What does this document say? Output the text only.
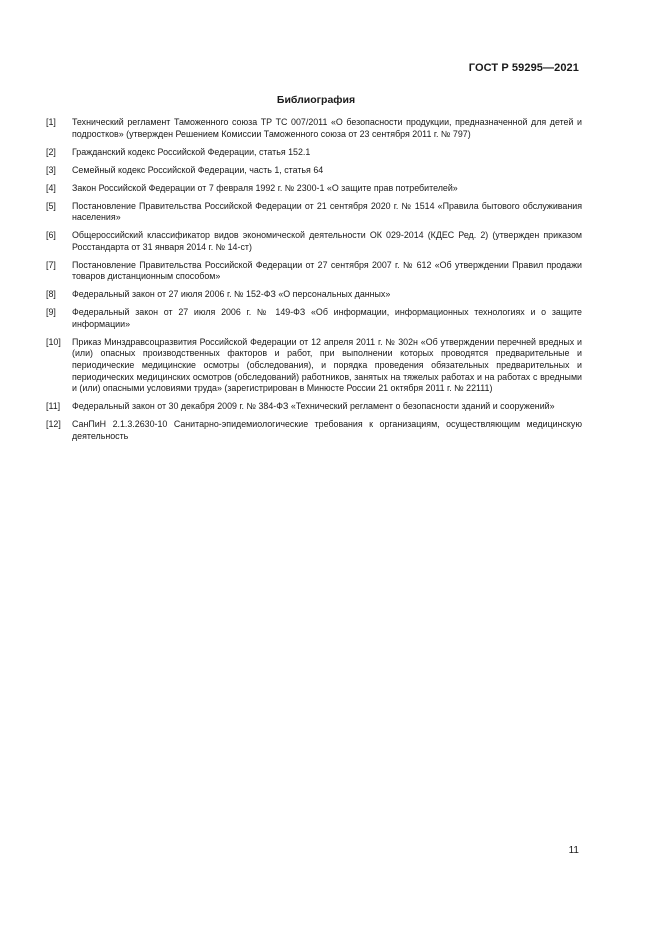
ГОСТ Р 59295—2021
Библиография
[1]	Технический регламент Таможенного союза ТР ТС 007/2011 «О безопасности продукции, предназначенной для детей и подростков» (утвержден Решением Комиссии Таможенного союза от 23 сентября 2011 г. № 797)
[2]	Гражданский кодекс Российской Федерации, статья 152.1
[3]	Семейный кодекс Российской Федерации, часть 1, статья 64
[4]	Закон Российской Федерации от 7 февраля 1992 г. № 2300-1 «О защите прав потребителей»
[5]	Постановление Правительства Российской Федерации от 21 сентября 2020 г. № 1514 «Правила бытового обслуживания населения»
[6]	Общероссийский классификатор видов экономической деятельности ОК 029-2014 (КДЕС Ред. 2) (утвержден приказом Росстандарта от 31 января 2014 г. № 14-ст)
[7]	Постановление Правительства Российской Федерации от 27 сентября 2007 г. № 612 «Об утверждении Правил продажи товаров дистанционным способом»
[8]	Федеральный закон от 27 июля 2006 г. № 152-ФЗ «О персональных данных»
[9]	Федеральный закон от 27 июля 2006 г. № 149-ФЗ «Об информации, информационных технологиях и о защите информации»
[10]	Приказ Минздравсоцразвития Российской Федерации от 12 апреля 2011 г. № 302н «Об утверждении перечней вредных и (или) опасных производственных факторов и работ, при выполнении которых проводятся предварительные и периодические медицинские осмотры (обследования), и порядка проведения обязательных предварительных и периодических медицинских осмотров (обследований) работников, занятых на тяжелых работах и на работах с вредными и (или) опасными условиями труда» (зарегистрирован в Минюсте России 21 октября 2011 г. № 22111)
[11]	Федеральный закон от 30 декабря 2009 г. № 384-ФЗ «Технический регламент о безопасности зданий и сооружений»
[12]	СанПиН 2.1.3.2630-10 Санитарно-эпидемиологические требования к организациям, осуществляющим медицинскую деятельность
11
